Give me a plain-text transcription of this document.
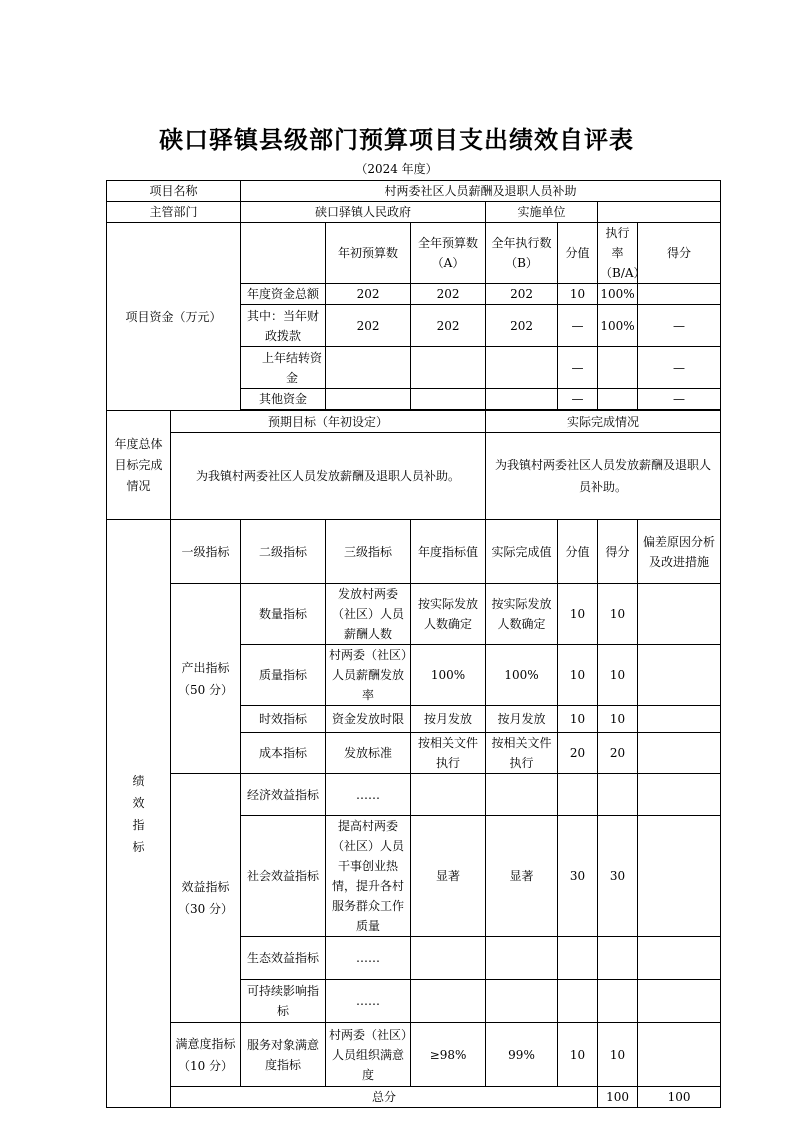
硖口驿镇县级部门预算项目支出绩效自评表
（2024 年度）
项目名称		村两委社区人员薪酬及退职人员补助							
主管部门		硖口驿镇人民政府			实施单位				
项目资金（万元）			年初预算数	全年预算数（A）	全年执行数（B）	分值	执行率（B/A）	得分	
		年度资金总额	202	202	202	10	100%		
		其中：当年财政拨款	202	202	202	—	100%	—	
		上年结转资金				—		—	
		其他资金				—		—	

年度总体目标完成情况	预期目标（年初设定）				实际完成情况				
	为我镇村两委社区人员发放薪酬及退职人员补助。				为我镇村两委社区人员发放薪酬及退职人员补助。				
绩效指标	一级指标	二级指标	三级指标	年度指标值	实际完成值	分值	得分	偏差原因分析及改进措施	
	产出指标（50 分）	数量指标	发放村两委（社区）人员薪酬人数	按实际发放人数确定	按实际发放人数确定	10	10		
		质量指标	村两委（社区）人员薪酬发放率	100%	100%	10	10		
		时效指标	资金发放时限	按月发放	按月发放	10	10		
		成本指标	发放标准	按相关文件执行	按相关文件执行	20	20		
	效益指标（30 分）	经济效益指标	……						
		社会效益指标	提高村两委（社区）人员干事创业热情，提升各村服务群众工作质量	显著	显著	30	30		
		生态效益指标	……						
		可持续影响指标	……						
	满意度指标（10 分）	服务对象满意度指标	村两委（社区）人员组织满意度	≥98%	99%	10	10		
	总分						100	100	
